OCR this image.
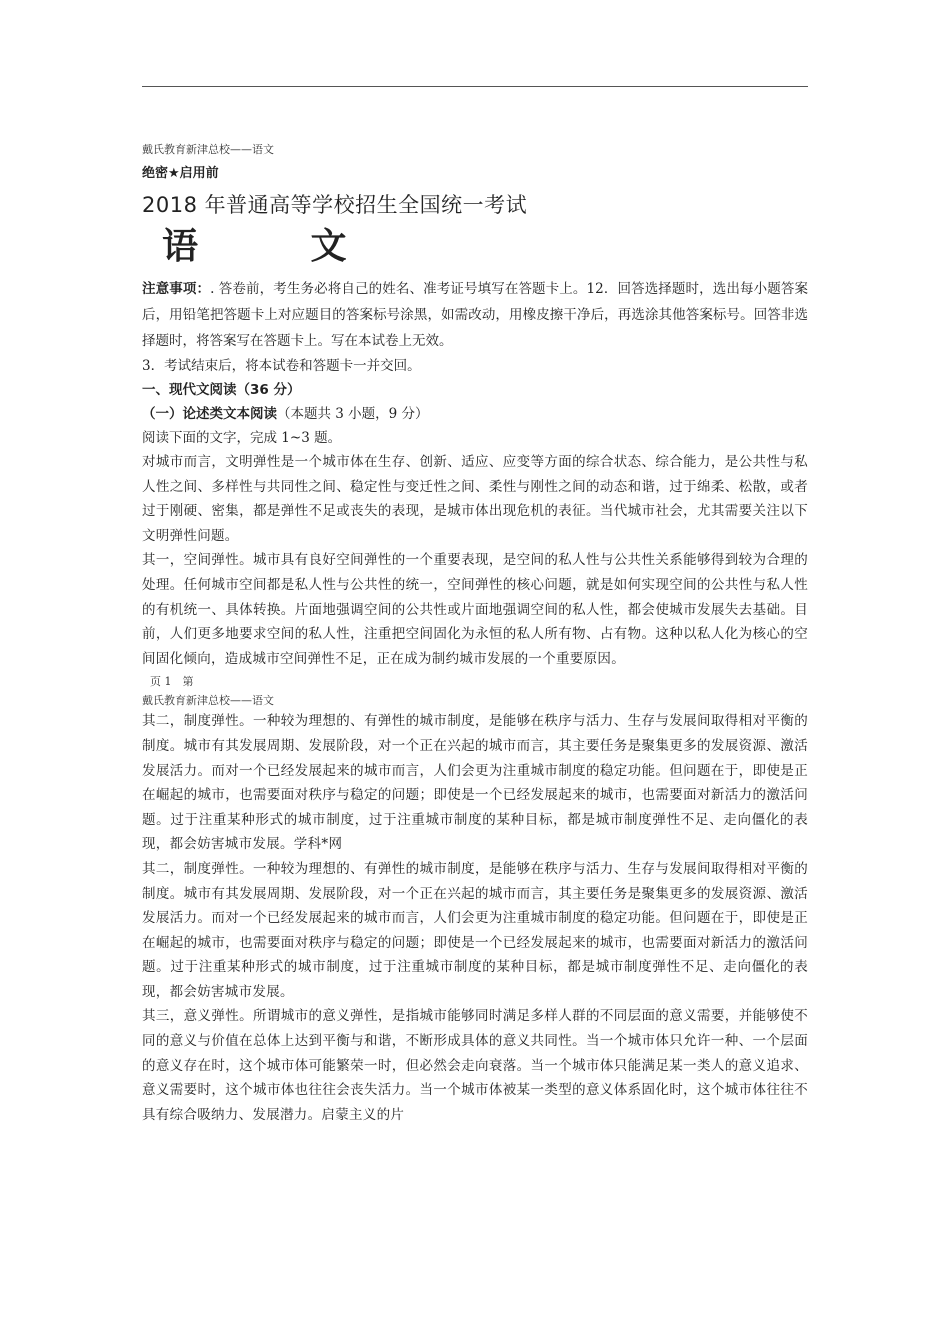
戴氏教育新津总校——语文
绝密★启用前
2018 年普通高等学校招生全国统一考试
语 文
注意事项：. 答卷前，考生务必将自己的姓名、准考证号填写在答题卡上。12．回答选择题时，选出每小题答案后，用铅笔把答题卡上对应题目的答案标号涂黑，如需改动，用橡皮擦干净后，再选涂其他答案标号。回答非选择题时，将答案写在答题卡上。写在本试卷上无效。
3．考试结束后，将本试卷和答题卡一并交回。
一、现代文阅读（36 分）
（一）论述类文本阅读（本题共 3 小题，9 分）
阅读下面的文字，完成 1~3 题。
对城市而言，文明弹性是一个城市体在生存、创新、适应、应变等方面的综合状态、综合能力，是公共性与私人性之间、多样性与共同性之间、稳定性与变迁性之间、柔性与刚性之间的动态和谐，过于绵柔、松散，或者过于刚硬、密集，都是弹性不足或丧失的表现，是城市体出现危机的表征。当代城市社会，尤其需要关注以下文明弹性问题。
其一，空间弹性。城市具有良好空间弹性的一个重要表现，是空间的私人性与公共性关系能够得到较为合理的处理。任何城市空间都是私人性与公共性的统一，空间弹性的核心问题，就是如何实现空间的公共性与私人性的有机统一、具体转换。片面地强调空间的公共性或片面地强调空间的私人性，都会使城市发展失去基础。目前，人们更多地要求空间的私人性，注重把空间固化为永恒的私人所有物、占有物。这种以私人化为核心的空间固化倾向，造成城市空间弹性不足，正在成为制约城市发展的一个重要原因。
页 1　第
戴氏教育新津总校——语文
其二，制度弹性。一种较为理想的、有弹性的城市制度，是能够在秩序与活力、生存与发展间取得相对平衡的制度。城市有其发展周期、发展阶段，对一个正在兴起的城市而言，其主要任务是聚集更多的发展资源、激活发展活力。而对一个已经发展起来的城市而言，人们会更为注重城市制度的稳定功能。但问题在于，即使是正在崛起的城市，也需要面对秩序与稳定的问题；即使是一个已经发展起来的城市，也需要面对新活力的激活问题。过于注重某种形式的城市制度，过于注重城市制度的某种目标，都是城市制度弹性不足、走向僵化的表现，都会妨害城市发展。学科*网
其二，制度弹性。一种较为理想的、有弹性的城市制度，是能够在秩序与活力、生存与发展间取得相对平衡的制度。城市有其发展周期、发展阶段，对一个正在兴起的城市而言，其主要任务是聚集更多的发展资源、激活发展活力。而对一个已经发展起来的城市而言，人们会更为注重城市制度的稳定功能。但问题在于，即使是正在崛起的城市，也需要面对秩序与稳定的问题；即使是一个已经发展起来的城市，也需要面对新活力的激活问题。过于注重某种形式的城市制度，过于注重城市制度的某种目标，都是城市制度弹性不足、走向僵化的表现，都会妨害城市发展。
其三，意义弹性。所谓城市的意义弹性，是指城市能够同时满足多样人群的不同层面的意义需要，并能够使不同的意义与价值在总体上达到平衡与和谐，不断形成具体的意义共同性。当一个城市体只允许一种、一个层面的意义存在时，这个城市体可能繁荣一时，但必然会走向衰落。当一个城市体只能满足某一类人的意义追求、意义需要时，这个城市体也往往会丧失活力。当一个城市体被某一类型的意义体系固化时，这个城市体往往不具有综合吸纳力、发展潜力。启蒙主义的片
